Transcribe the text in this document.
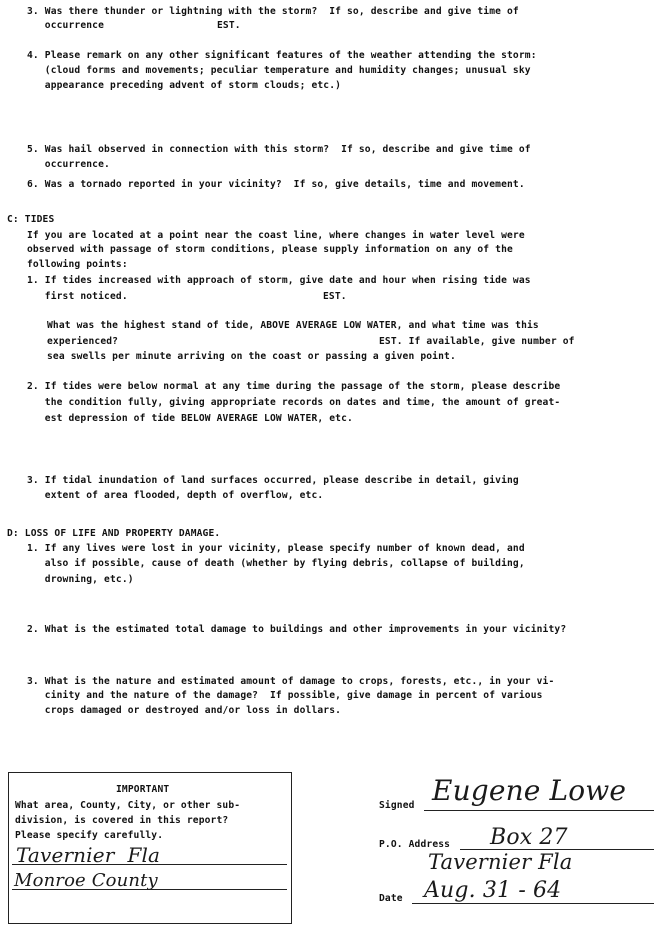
3. Was there thunder or lightning with the storm?  If so, describe and give time of
occurrence	EST.
4. Please remark on any other significant features of the weather attending the storm:
(cloud forms and movements; peculiar temperature and humidity changes; unusual sky
appearance preceding advent of storm clouds; etc.)
5. Was hail observed in connection with this storm?  If so, describe and give time of
occurrence.
6. Was a tornado reported in your vicinity?  If so, give details, time and movement.
C: TIDES
If you are located at a point near the coast line, where changes in water level were
observed with passage of storm conditions, please supply information on any of the
following points:
1. If tides increased with approach of storm, give date and hour when rising tide was
first noticed.	EST.
What was the highest stand of tide, ABOVE AVERAGE LOW WATER, and what time was this
experienced?	EST. If available, give number of
sea swells per minute arriving on the coast or passing a given point.
2. If tides were below normal at any time during the passage of the storm, please describe
the condition fully, giving appropriate records on dates and time, the amount of great-
est depression of tide BELOW AVERAGE LOW WATER, etc.
3. If tidal inundation of land surfaces occurred, please describe in detail, giving
extent of area flooded, depth of overflow, etc.
D: LOSS OF LIFE AND PROPERTY DAMAGE.
1. If any lives were lost in your vicinity, please specify number of known dead, and
also if possible, cause of death (whether by flying debris, collapse of building,
drowning, etc.)
2. What is the estimated total damage to buildings and other improvements in your vicinity?
3. What is the nature and estimated amount of damage to crops, forests, etc., in your vi-
cinity and the nature of the damage?  If possible, give damage in percent of various
crops damaged or destroyed and/or loss in dollars.
IMPORTANT
What area, County, City, or other sub-
division, is covered in this report?
Please specify carefully.
Tavernier  Fla
Monroe County
Signed Eugene Lowe
P.O. Address Box 27
Tavernier Fla
Date Aug. 31 - 64
